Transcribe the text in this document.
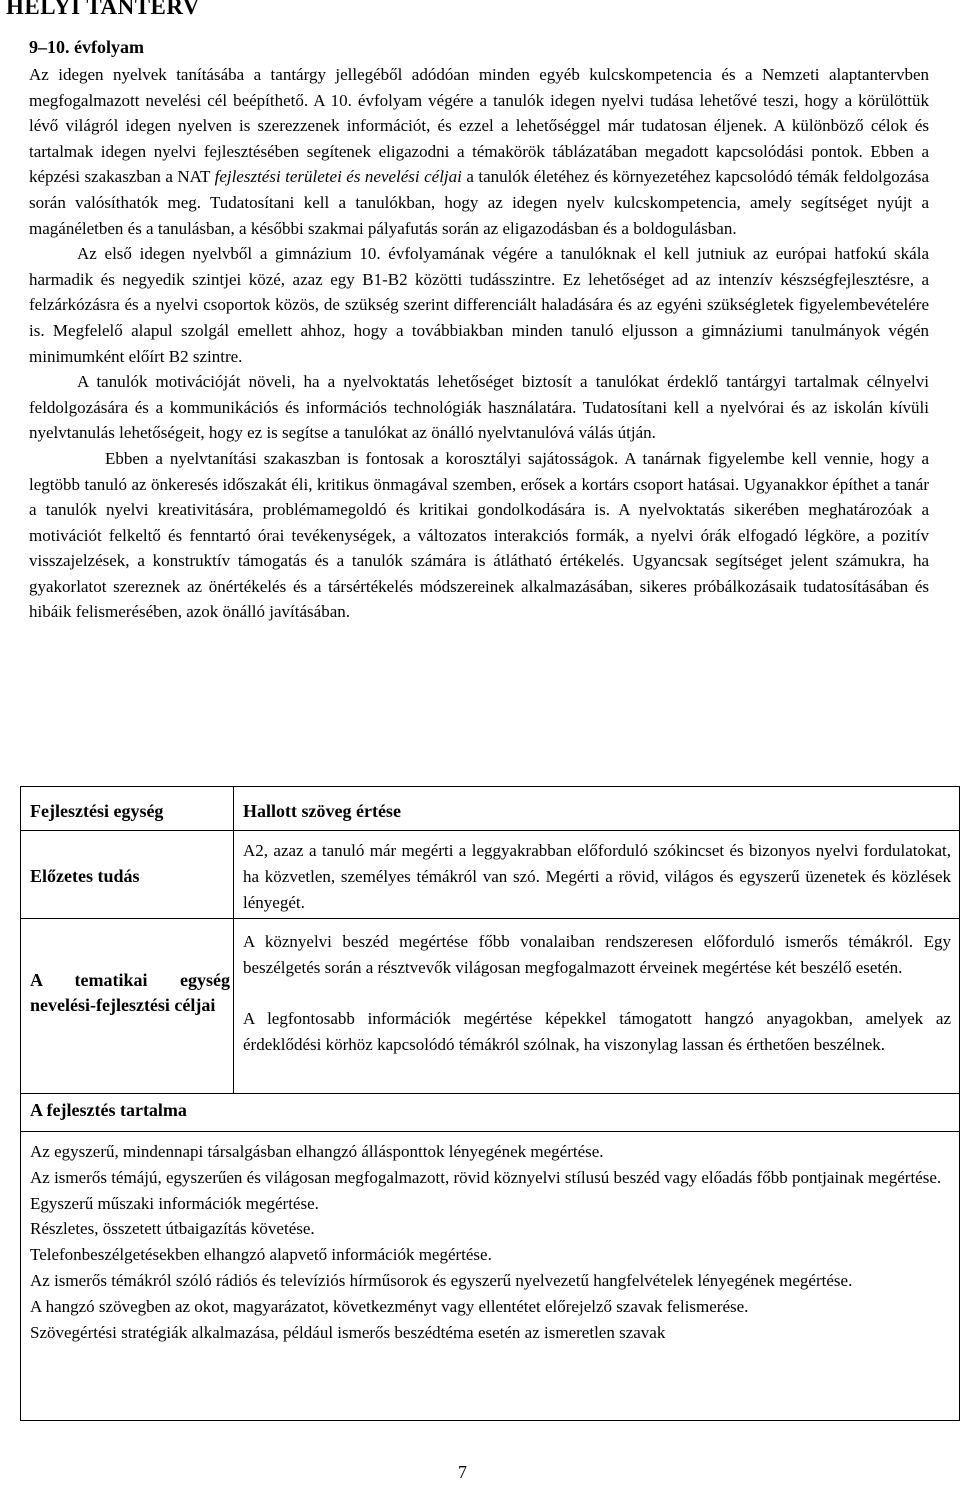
HELYI TANTERV
9–10. évfolyam

Az idegen nyelvek tanításába a tantárgy jellegéből adódóan minden egyéb kulcskompetencia és a Nemzeti alaptantervben megfogalmazott nevelési cél beépíthető. A 10. évfolyam végére a tanulók idegen nyelvi tudása lehetővé teszi, hogy a körülöttük lévő világról idegen nyelven is szerezzenek információt, és ezzel a lehetőséggel már tudatosan éljenek. A különböző célok és tartalmak idegen nyelvi fejlesztésében segítenek eligazodni a témakörök táblázatában megadott kapcsolódási pontok. Ebben a képzési szakaszban a NAT fejlesztési területei és nevelési céljai a tanulók életéhez és környezetéhez kapcsolódó témák feldolgozása során valósíthatók meg. Tudatosítani kell a tanulókban, hogy az idegen nyelv kulcskompetencia, amely segítséget nyújt a magánéletben és a tanulásban, a későbbi szakmai pályafutás során az eligazodásban és a boldogulásban.

Az első idegen nyelvből a gimnázium 10. évfolyamának végére a tanulóknak el kell jutniuk az európai hatfokú skála harmadik és negyedik szintjei közé, azaz egy B1-B2 közötti tudásszintre. Ez lehetőséget ad az intenzív készségfejlesztésre, a felzárkózásra és a nyelvi csoportok közös, de szükség szerint differenciált haladására és az egyéni szükségletek figyelembevételére is. Megfelelő alapul szolgál emellett ahhoz, hogy a továbbiakban minden tanuló eljusson a gimnáziumi tanulmányok végén minimumként előírt B2 szintre.

A tanulók motivációját növeli, ha a nyelvoktatás lehetőséget biztosít a tanulókat érdeklő tantárgyi tartalmak célnyelvi feldolgozására és a kommunikációs és információs technológiák használatára. Tudatosítani kell a nyelvórai és az iskolán kívüli nyelvtanulás lehetőségeit, hogy ez is segítse a tanulókat az önálló nyelvtanulóvá válás útján.

Ebben a nyelvtanítási szakaszban is fontosak a korosztályi sajátosságok. A tanárnak figyelembe kell vennie, hogy a legtöbb tanuló az önkeresés időszakát éli, kritikus önmagával szemben, erősek a kortárs csoport hatásai. Ugyanakkor építhet a tanár a tanulók nyelvi kreativitására, problémamegoldó és kritikai gondolkodására is. A nyelvoktatás sikerében meghatározóak a motivációt felkeltő és fenntartó órai tevékenységek, a változatos interakciós formák, a nyelvi órák elfogadó légköre, a pozitív visszajelzések, a konstruktív támogatás és a tanulók számára is átlátható értékelés. Ugyancsak segítséget jelent számukra, ha gyakorlatot szereznek az önértékelés és a társértékelés módszereinek alkalmazásában, sikeres próbálkozásaik tudatosításában és hibáik felismerésében, azok önálló javításában.

Fejlesztési egység	Hallott szöveg értése
Előzetes tudás
A2, azaz a tanuló már megérti a leggyakrabban előforduló szókincset és bizonyos nyelvi fordulatokat, ha közvetlen, személyes témákról van szó. Megérti a rövid, világos és egyszerű üzenetek és közlések lényegét.
A tematikai egység nevelési-fejlesztési céljai
A köznyelvi beszéd megértése főbb vonalaiban rendszeresen előforduló ismerős témákról. Egy beszélgetés során a résztvevők világosan megfogalmazott érveinek megértése két beszélő esetén.
A legfontosabb információk megértése képekkel támogatott hangzó anyagokban, amelyek az érdeklődési körhöz kapcsolódó témákról szólnak, ha viszonylag lassan és érthetően beszélnek.
A fejlesztés tartalma
Az egyszerű, mindennapi társalgásban elhangzó állásponttok lényegének megértése.
Az ismerős témájú, egyszerűen és világosan megfogalmazott, rövid köznyelvi stílusú beszéd vagy előadás főbb pontjainak megértése.
Egyszerű műszaki információk megértése.
Részletes, összetett útbaigazítás követése.
Telefonbeszélgetésekben elhangzó alapvető információk megértése.
Az ismerős témákról szóló rádiós és televíziós hírműsorok és egyszerű nyelvezetű hangfelvételek lényegének megértése.
A hangzó szövegben az okot, magyarázatot, következményt vagy ellentétet előrejelző szavak felismerése.
Szövegértési stratégiák alkalmazása, például ismerős beszédtéma esetén az ismeretlen szavak
7
